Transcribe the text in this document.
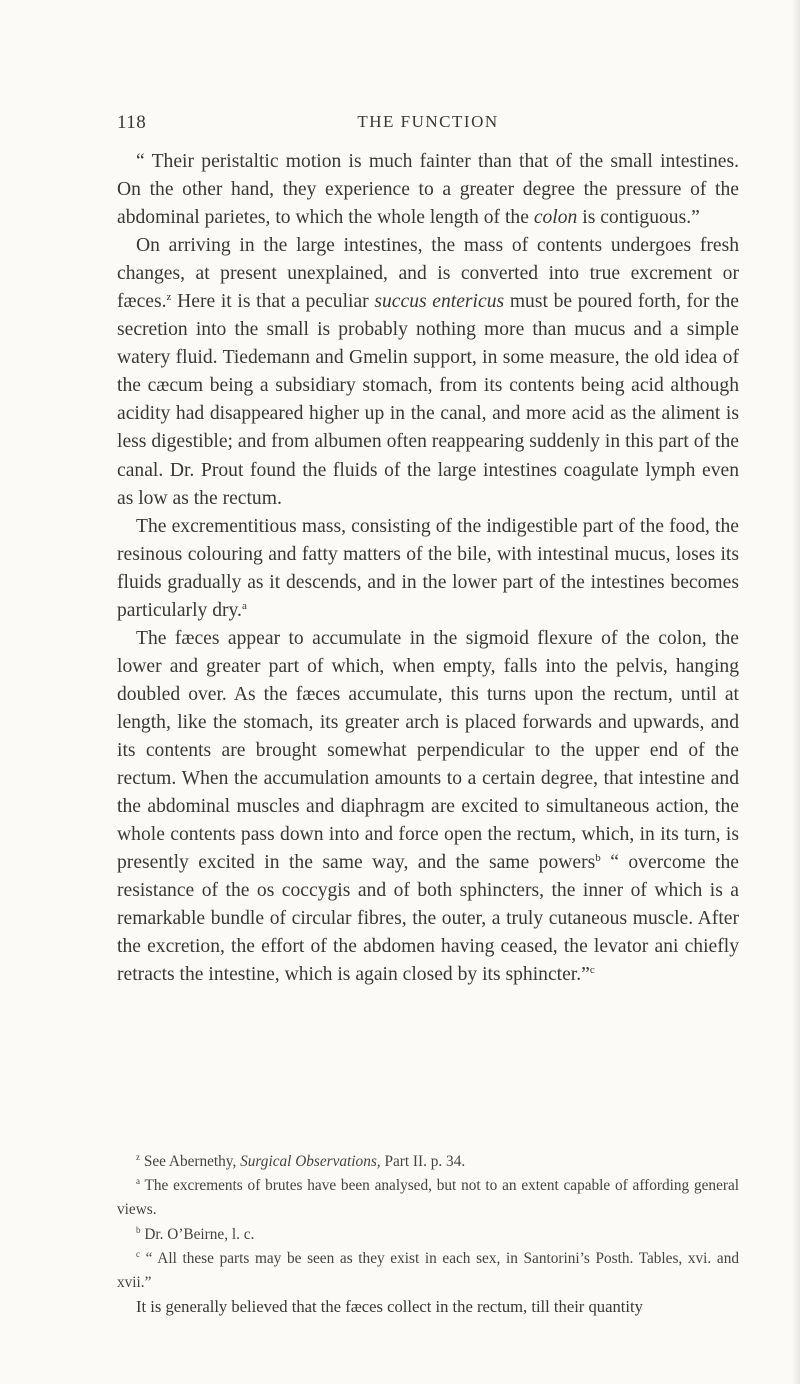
118	THE FUNCTION

“ Their peristaltic motion is much fainter than that of the small intestines. On the other hand, they experience to a greater degree the pressure of the abdominal parietes, to which the whole length of the colon is contiguous.”

On arriving in the large intestines, the mass of contents undergoes fresh changes, at present unexplained, and is converted into true excrement or fæces.$^z$ Here it is that a peculiar succus entericus must be poured forth, for the secretion into the small is probably nothing more than mucus and a simple watery fluid. Tiedemann and Gmelin support, in some measure, the old idea of the cæcum being a subsidiary stomach, from its contents being acid although acidity had disappeared higher up in the canal, and more acid as the aliment is less digestible; and from albumen often reappearing suddenly in this part of the canal. Dr. Prout found the fluids of the large intestines coagulate lymph even as low as the rectum.

The excrementitious mass, consisting of the indigestible part of the food, the resinous colouring and fatty matters of the bile, with intestinal mucus, loses its fluids gradually as it descends, and in the lower part of the intestines becomes particularly dry.$^a$

The fæces appear to accumulate in the sigmoid flexure of the colon, the lower and greater part of which, when empty, falls into the pelvis, hanging doubled over. As the fæces accumulate, this turns upon the rectum, until at length, like the stomach, its greater arch is placed forwards and upwards, and its contents are brought somewhat perpendicular to the upper end of the rectum. When the accumulation amounts to a certain degree, that intestine and the abdominal muscles and diaphragm are excited to simultaneous action, the whole contents pass down into and force open the rectum, which, in its turn, is presently excited in the same way, and the same powers$^b$ “ overcome the resistance of the os coccygis and of both sphincters, the inner of which is a remarkable bundle of circular fibres, the outer, a truly cutaneous muscle. After the excretion, the effort of the abdomen having ceased, the levator ani chiefly retracts the intestine, which is again closed by its sphincter.”$^c$

$^z$ See Abernethy, Surgical Observations, Part II. p. 34.

$^a$ The excrements of brutes have been analysed, but not to an extent capable of affording general views.

$^b$ Dr. O’Beirne, l. c.

$^c$ “ All these parts may be seen as they exist in each sex, in Santorini’s Posth. Tables, xvi. and xvii.”

It is generally believed that the fæces collect in the rectum, till their quantity
